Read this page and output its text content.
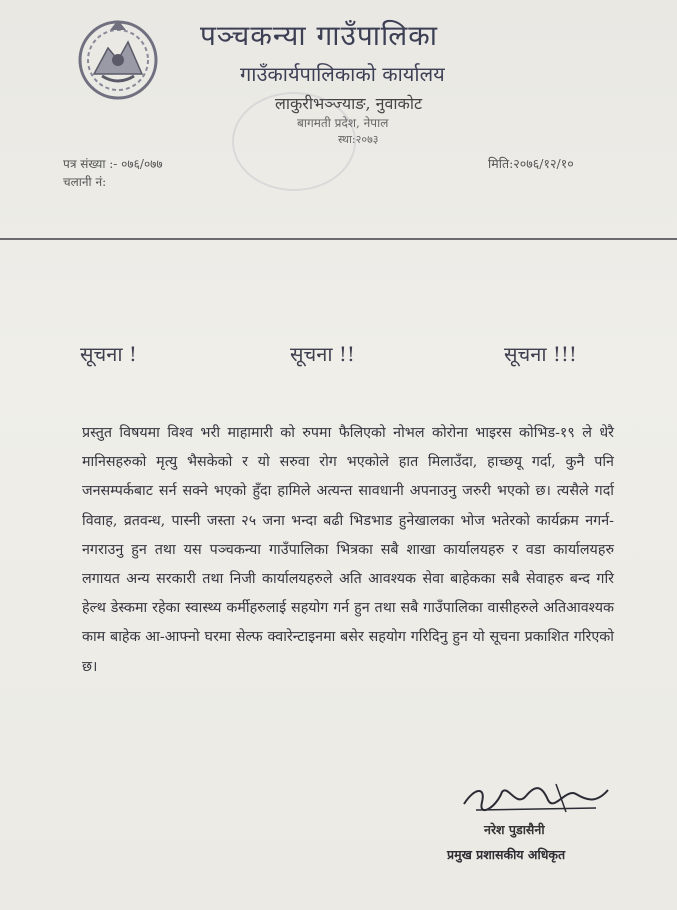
पञ्चकन्या गाउँपालिका
गाउँकार्यपालिकाको कार्यालय
लाकुरीभञ्ज्याङ, नुवाकोट
बागमती प्रदेश, नेपाल
स्था:२०७३
पत्र संख्या :- ०७६/०७७
चलानी नं:
मिति:२०७६/१२/१०
सूचना !	सूचना !!	सूचना !!!
प्रस्तुत विषयमा विश्व भरी माहामारी को रुपमा फैलिएको नोभल कोरोना भाइरस कोभिड-१९ ले धेरै मानिसहरुको मृत्यु भैसकेको र यो सरुवा रोग भएकोले हात मिलाउँदा, हाच्छयू गर्दा, कुनै पनि जनसम्पर्कबाट सर्न सक्ने भएको हुँदा हामिले अत्यन्त सावधानी अपनाउनु जरुरी भएको छ। त्यसैले गर्दा विवाह, व्रतवन्ध, पास्नी जस्ता २५ जना भन्दा बढी भिडभाड हुनेखालका भोज भतेरको कार्यक्रम नगर्न-नगराउनु हुन तथा यस पञ्चकन्या गाउँपालिका भित्रका सबै शाखा कार्यालयहरु र वडा कार्यालयहरु लगायत अन्य सरकारी तथा निजी कार्यालयहरुले अति आवश्यक सेवा बाहेकका सबै सेवाहरु बन्द गरि हेल्थ डेस्कमा रहेका स्वास्थ्य कर्मीहरुलाई सहयोग गर्न हुन तथा सबै गाउँपालिका वासीहरुले अतिआवश्यक काम बाहेक आ-आफ्नो घरमा सेल्फ क्वारेन्टाइनमा बसेर सहयोग गरिदिनु हुन यो सूचना प्रकाशित गरिएको छ।
नरेश पुडासैनी
प्रमुख प्रशासकीय अधिकृत
